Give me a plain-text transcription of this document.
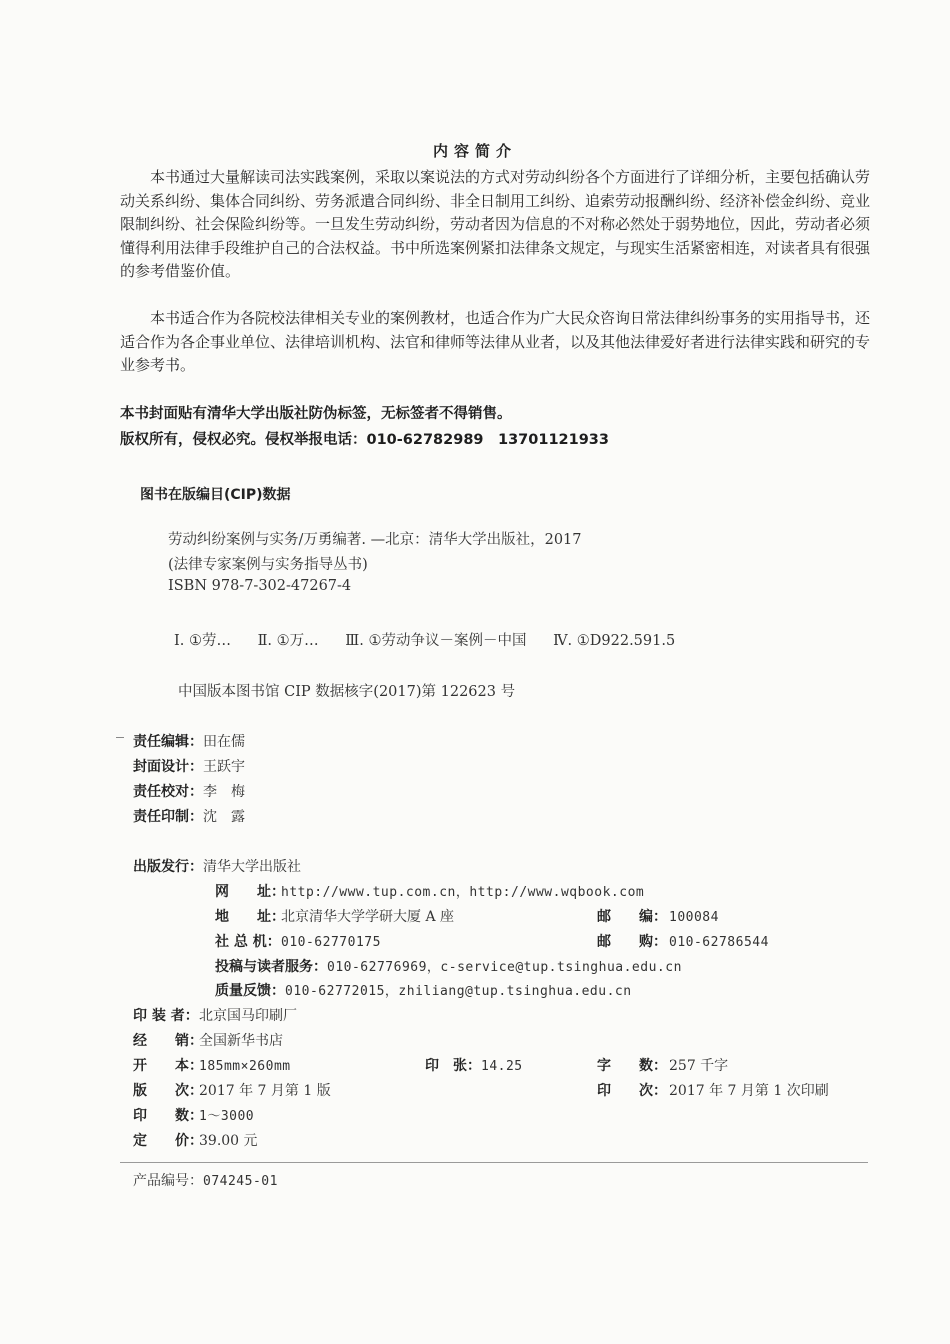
内容简介

本书通过大量解读司法实践案例，采取以案说法的方式对劳动纠纷各个方面进行了详细分析，主要包括确认劳动关系纠纷、集体合同纠纷、劳务派遣合同纠纷、非全日制用工纠纷、追索劳动报酬纠纷、经济补偿金纠纷、竞业限制纠纷、社会保险纠纷等。一旦发生劳动纠纷，劳动者因为信息的不对称必然处于弱势地位，因此，劳动者必须懂得利用法律手段维护自己的合法权益。书中所选案例紧扣法律条文规定，与现实生活紧密相连，对读者具有很强的参考借鉴价值。

本书适合作为各院校法律相关专业的案例教材，也适合作为广大民众咨询日常法律纠纷事务的实用指导书，还适合作为各企事业单位、法律培训机构、法官和律师等法律从业者，以及其他法律爱好者进行法律实践和研究的专业参考书。

本书封面贴有清华大学出版社防伪标签，无标签者不得销售。
版权所有，侵权必究。侵权举报电话：010-62782989　13701121933
图书在版编目(CIP)数据
劳动纠纷案例与实务/万勇编著. —北京：清华大学出版社，2017
(法律专家案例与实务指导丛书)
ISBN 978-7-302-47267-4
Ⅰ. ①劳… Ⅱ. ①万… Ⅲ. ①劳动争议－案例－中国 Ⅳ. ①D922.591.5
中国版本图书馆 CIP 数据核字(2017)第 122623 号
责任编辑：田在儒
封面设计：王跃宇
责任校对：李　梅
责任印制：沈　露
出版发行：清华大学出版社
网　　址：http://www.tup.com.cn，http://www.wqbook.com
地　　址：北京清华大学学研大厦 A 座	邮　　编： 100084
社 总 机：010-62770175	邮　　购： 010-62786544
投稿与读者服务：010-62776969，c-service@tup.tsinghua.edu.cn
质量反馈：010-62772015，zhiliang@tup.tsinghua.edu.cn
印 装 者：北京国马印刷厂
经　　销：全国新华书店
开　　本：185mm×260mm	印　张：14.25	字　　数： 257 千字
版　　次：2017 年 7 月第 1 版	印　　次： 2017 年 7 月第 1 次印刷
印　　数：1～3000
定　　价：39.00 元
产品编号：074245-01
